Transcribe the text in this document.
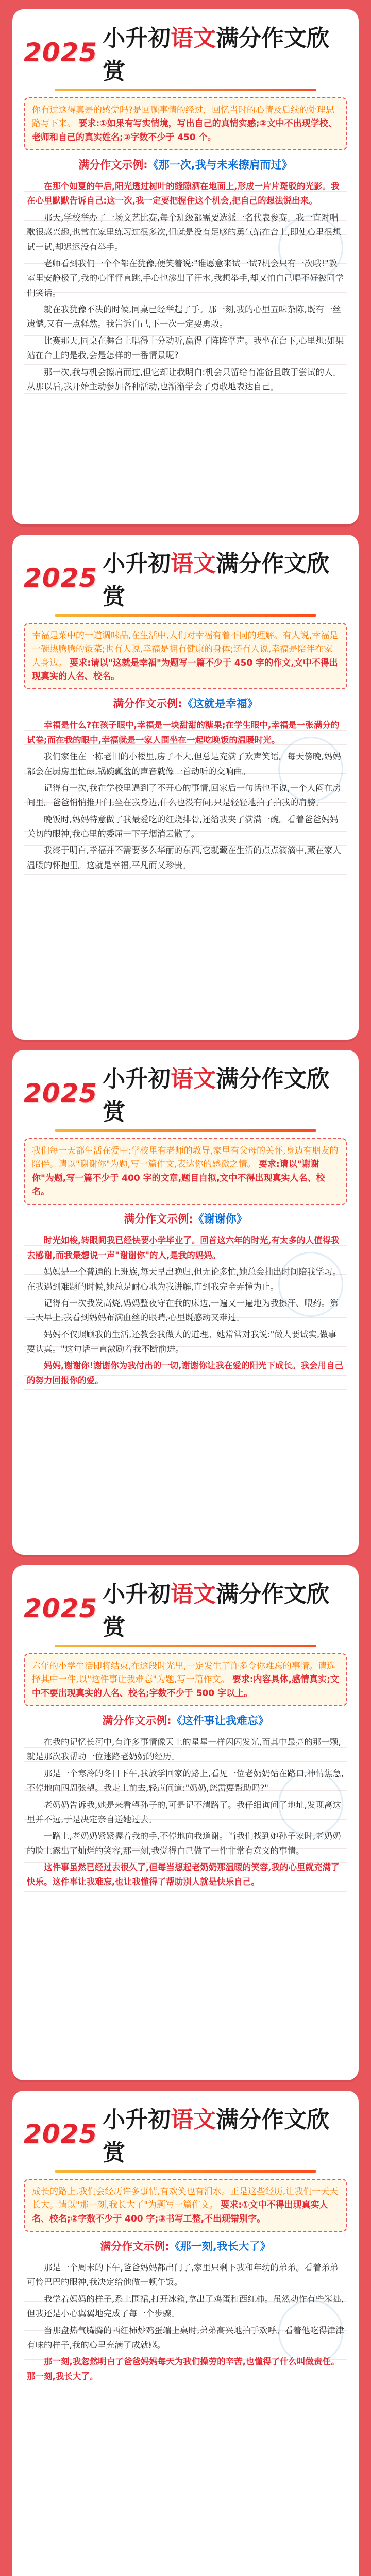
2025 小升初语文满分作文欣赏
你有过这得真是的感觉吗?是回顾事情的经过，回忆当时的心情及后续的处理思路写下来。 要求:①如果有写实情境，写出自己的真情实感;②文中不出现学校、老师和自己的真实姓名;③字数不少于 450 个。
满分作文示例:《那一次,我与未来擦肩而过》

在那个如夏的午后,阳光透过树叶的缝隙洒在地面上,形成一片片斑驳的光影。我在心里默默告诉自己:这一次,我一定要把握住这个机会,把自己的想法说出来。

那天,学校举办了一场文艺比赛,每个班级都需要选派一名代表参赛。我一直对唱歌很感兴趣,也常在家里练习过很多次,但就是没有足够的勇气站在台上,即使心里很想试一试,却迟迟没有举手。

老师看到我们一个个都在犹豫,便笑着说:"谁愿意来试一试?机会只有一次哦!"教室里安静极了,我的心怦怦直跳,手心也渗出了汗水,我想举手,却又怕自己唱不好被同学们笑话。

就在我犹豫不决的时候,同桌已经举起了手。那一刻,我的心里五味杂陈,既有一丝遗憾,又有一点释然。我告诉自己,下一次一定要勇敢。

比赛那天,同桌在舞台上唱得十分动听,赢得了阵阵掌声。我坐在台下,心里想:如果站在台上的是我,会是怎样的一番情景呢?

那一次,我与机会擦肩而过,但它却让我明白:机会只留给有准备且敢于尝试的人。从那以后,我开始主动参加各种活动,也渐渐学会了勇敢地表达自己。

2025 小升初语文满分作文欣赏
幸福是菜中的一道调味品,在生活中,人们对幸福有着不同的理解。有人说,幸福是一碗热腾腾的饭菜;也有人说,幸福是拥有健康的身体;还有人说,幸福是陪伴在家人身边。 要求:请以"这就是幸福"为题写一篇不少于 450 字的作文,文中不得出现真实的人名、校名。
满分作文示例:《这就是幸福》

幸福是什么?在孩子眼中,幸福是一块甜甜的糖果;在学生眼中,幸福是一张满分的试卷;而在我的眼中,幸福就是一家人围坐在一起吃晚饭的温暖时光。

我们家住在一栋老旧的小楼里,房子不大,但总是充满了欢声笑语。每天傍晚,妈妈都会在厨房里忙碌,锅碗瓢盆的声音就像一首动听的交响曲。

记得有一次,我在学校里遇到了不开心的事情,回家后一句话也不说,一个人闷在房间里。爸爸悄悄推开门,坐在我身边,什么也没有问,只是轻轻地拍了拍我的肩膀。

晚饭时,妈妈特意做了我最爱吃的红烧排骨,还给我夹了满满一碗。看着爸爸妈妈关切的眼神,我心里的委屈一下子烟消云散了。

我终于明白,幸福并不需要多么华丽的东西,它就藏在生活的点点滴滴中,藏在家人温暖的怀抱里。这就是幸福,平凡而又珍贵。

2025 小升初语文满分作文欣赏
我们每一天都生活在爱中:学校里有老师的教导,家里有父母的关怀,身边有朋友的陪伴。请以"谢谢你"为题,写一篇作文,表达你的感激之情。 要求:请以"谢谢你"为题,写一篇不少于 400 字的文章,题目自拟,文中不得出现真实人名、校名。
满分作文示例:《谢谢你》

时光如梭,转眼间我已经快要小学毕业了。回首这六年的时光,有太多的人值得我去感谢,而我最想说一声"谢谢你"的人,是我的妈妈。

妈妈是一个普通的上班族,每天早出晚归,但无论多忙,她总会抽出时间陪我学习。在我遇到难题的时候,她总是耐心地为我讲解,直到我完全弄懂为止。

记得有一次我发高烧,妈妈整夜守在我的床边,一遍又一遍地为我擦汗、喂药。第二天早上,我看到妈妈布满血丝的眼睛,心里既感动又难过。

妈妈不仅照顾我的生活,还教会我做人的道理。她常常对我说:"做人要诚实,做事要认真。"这句话一直激励着我不断前进。

妈妈,谢谢你!谢谢你为我付出的一切,谢谢你让我在爱的阳光下成长。我会用自己的努力回报你的爱。

2025 小升初语文满分作文欣赏
六年的小学生活即将结束,在这段时光里,一定发生了许多令你难忘的事情。请选择其中一件,以"这件事让我难忘"为题,写一篇作文。 要求:内容具体,感情真实;文中不要出现真实的人名、校名;字数不少于 500 字以上。
满分作文示例:《这件事让我难忘》

在我的记忆长河中,有许多事情像天上的星星一样闪闪发光,而其中最亮的那一颗,就是那次我帮助一位迷路老奶奶的经历。

那是一个寒冷的冬日下午,我放学回家的路上,看见一位老奶奶站在路口,神情焦急,不停地向四周张望。我走上前去,轻声问道:"奶奶,您需要帮助吗?"

老奶奶告诉我,她是来看望孙子的,可是记不清路了。我仔细询问了地址,发现离这里并不远,于是决定亲自送她过去。

一路上,老奶奶紧紧握着我的手,不停地向我道谢。当我们找到她孙子家时,老奶奶的脸上露出了灿烂的笑容,那一刻,我觉得自己做了一件非常有意义的事情。

这件事虽然已经过去很久了,但每当想起老奶奶那温暖的笑容,我的心里就充满了快乐。这件事让我难忘,也让我懂得了帮助别人就是快乐自己。

2025 小升初语文满分作文欣赏
成长的路上,我们会经历许多事情,有欢笑也有泪水。正是这些经历,让我们一天天长大。请以"那一刻,我长大了"为题写一篇作文。 要求:①文中不得出现真实人名、校名;②字数不少于 400 字;③书写工整,不出现错别字。
满分作文示例:《那一刻,我长大了》

那是一个周末的下午,爸爸妈妈都出门了,家里只剩下我和年幼的弟弟。看着弟弟可怜巴巴的眼神,我决定给他做一顿午饭。

我学着妈妈的样子,系上围裙,打开冰箱,拿出了鸡蛋和西红柿。虽然动作有些笨拙,但我还是小心翼翼地完成了每一个步骤。

当那盘热气腾腾的西红柿炒鸡蛋端上桌时,弟弟高兴地拍手欢呼。看着他吃得津津有味的样子,我的心里充满了成就感。

那一刻,我忽然明白了爸爸妈妈每天为我们操劳的辛苦,也懂得了什么叫做责任。那一刻,我长大了。
